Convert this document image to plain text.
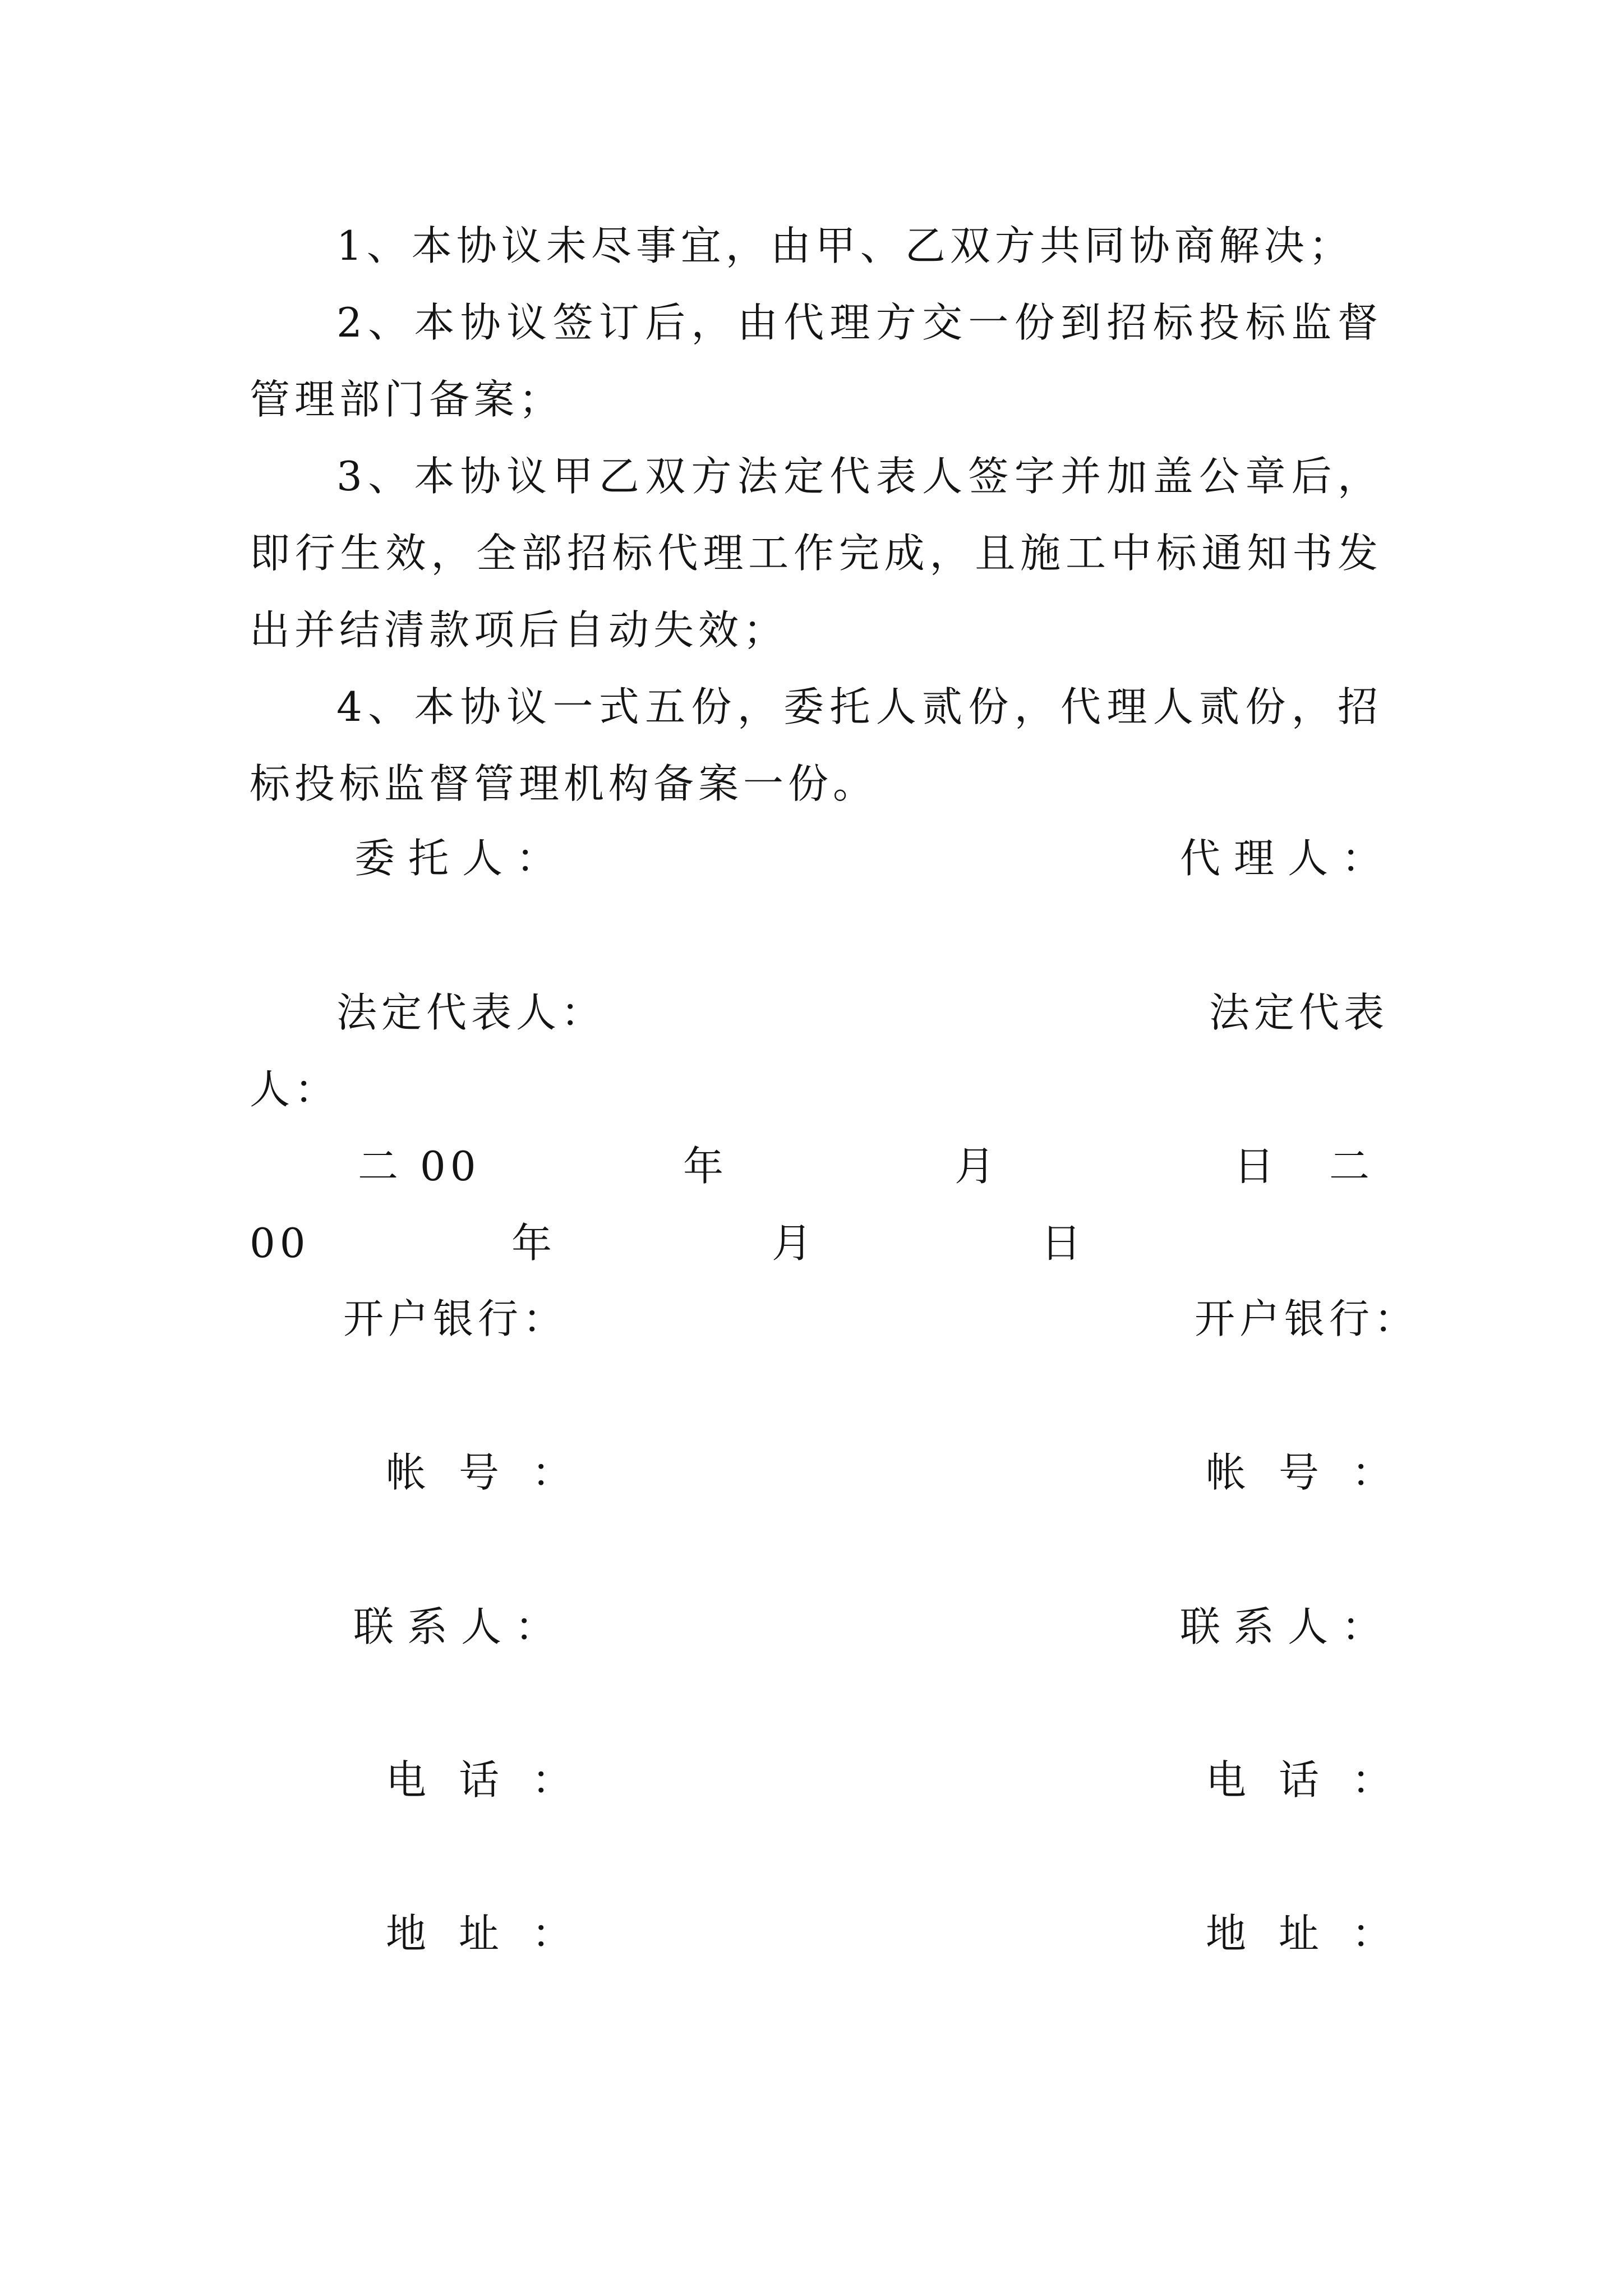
1、本协议未尽事宜，由甲、乙双方共同协商解决；

2、本协议签订后，由代理方交一份到招标投标监督管理部门备案；

3、本协议甲乙双方法定代表人签字并加盖公章后，即行生效，全部招标代理工作完成，且施工中标通知书发出并结清款项后自动失效；

4、本协议一式五份，委托人贰份，代理人贰份，招标投标监督管理机构备案一份。

委托人：	代理人：
法定代表人：	法定代表
人：
二 00	年	月	日 二
00	年	月	日
开户银行：	开户银行：
帐号：	帐号：
联系人：	联系人：
电话：	电话：
地址：	地址：
